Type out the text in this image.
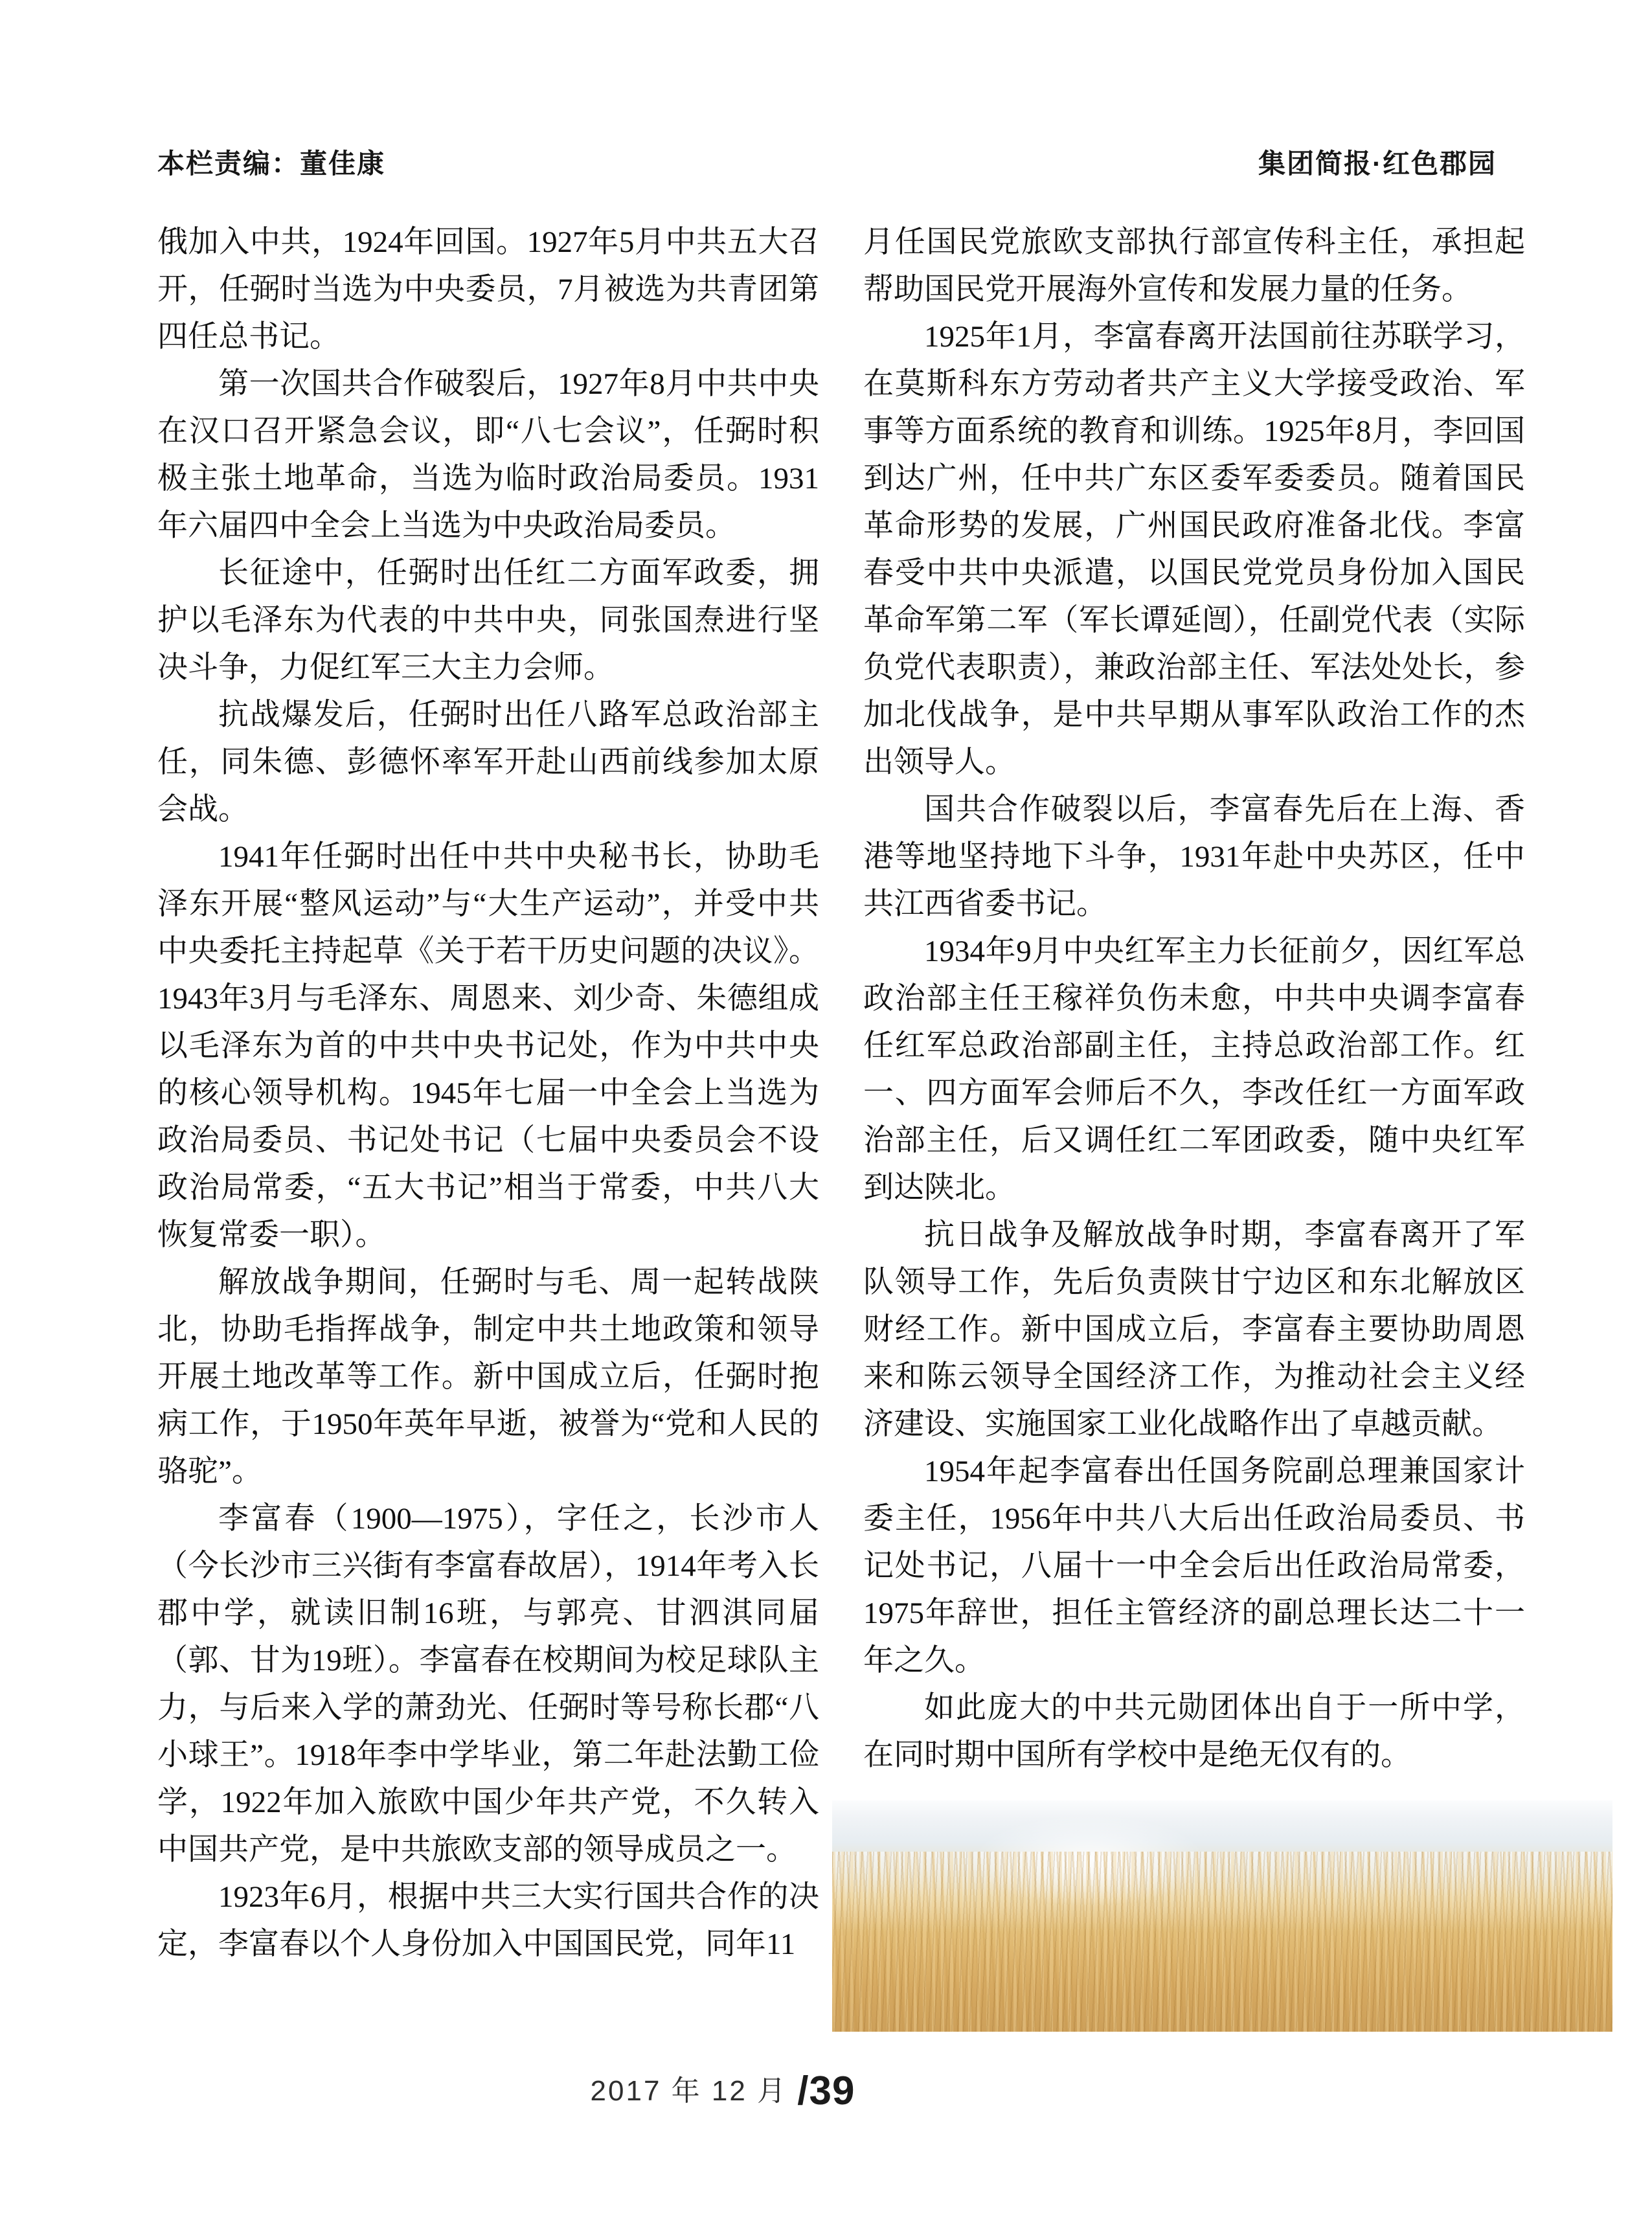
本栏责编：董佳康	集团简报·红色郡园

俄加入中共，1924年回国。1927年5月中共五大召开，任弼时当选为中央委员，7月被选为共青团第四任总书记。

第一次国共合作破裂后，1927年8月中共中央在汉口召开紧急会议，即“八七会议”，任弼时积极主张土地革命，当选为临时政治局委员。1931年六届四中全会上当选为中央政治局委员。

长征途中，任弼时出任红二方面军政委，拥护以毛泽东为代表的中共中央，同张国焘进行坚决斗争，力促红军三大主力会师。

抗战爆发后，任弼时出任八路军总政治部主任，同朱德、彭德怀率军开赴山西前线参加太原会战。

1941年任弼时出任中共中央秘书长，协助毛泽东开展“整风运动”与“大生产运动”，并受中共中央委托主持起草《关于若干历史问题的决议》。1943年3月与毛泽东、周恩来、刘少奇、朱德组成以毛泽东为首的中共中央书记处，作为中共中央的核心领导机构。1945年七届一中全会上当选为政治局委员、书记处书记（七届中央委员会不设政治局常委，“五大书记”相当于常委，中共八大恢复常委一职）。

解放战争期间，任弼时与毛、周一起转战陕北，协助毛指挥战争，制定中共土地政策和领导开展土地改革等工作。新中国成立后，任弼时抱病工作，于1950年英年早逝，被誉为“党和人民的骆驼”。

李富春（1900—1975），字任之，长沙市人（今长沙市三兴街有李富春故居），1914年考入长郡中学，就读旧制16班，与郭亮、甘泗淇同届（郭、甘为19班）。李富春在校期间为校足球队主力，与后来入学的萧劲光、任弼时等号称长郡“八小球王”。1918年李中学毕业，第二年赴法勤工俭学，1922年加入旅欧中国少年共产党，不久转入中国共产党，是中共旅欧支部的领导成员之一。

1923年6月，根据中共三大实行国共合作的决定，李富春以个人身份加入中国国民党，同年11

月任国民党旅欧支部执行部宣传科主任，承担起帮助国民党开展海外宣传和发展力量的任务。

1925年1月，李富春离开法国前往苏联学习，在莫斯科东方劳动者共产主义大学接受政治、军事等方面系统的教育和训练。1925年8月，李回国到达广州，任中共广东区委军委委员。随着国民革命形势的发展，广州国民政府准备北伐。李富春受中共中央派遣，以国民党党员身份加入国民革命军第二军（军长谭延闿），任副党代表（实际负党代表职责），兼政治部主任、军法处处长，参加北伐战争，是中共早期从事军队政治工作的杰出领导人。

国共合作破裂以后，李富春先后在上海、香港等地坚持地下斗争，1931年赴中央苏区，任中共江西省委书记。

1934年9月中央红军主力长征前夕，因红军总政治部主任王稼祥负伤未愈，中共中央调李富春任红军总政治部副主任，主持总政治部工作。红一、四方面军会师后不久，李改任红一方面军政治部主任，后又调任红二军团政委，随中央红军到达陕北。

抗日战争及解放战争时期，李富春离开了军队领导工作，先后负责陕甘宁边区和东北解放区财经工作。新中国成立后，李富春主要协助周恩来和陈云领导全国经济工作，为推动社会主义经济建设、实施国家工业化战略作出了卓越贡献。

1954年起李富春出任国务院副总理兼国家计委主任，1956年中共八大后出任政治局委员、书记处书记，八届十一中全会后出任政治局常委，1975年辞世，担任主管经济的副总理长达二十一年之久。

如此庞大的中共元勋团体出自于一所中学，在同时期中国所有学校中是绝无仅有的。

2017 年 12 月 /39
